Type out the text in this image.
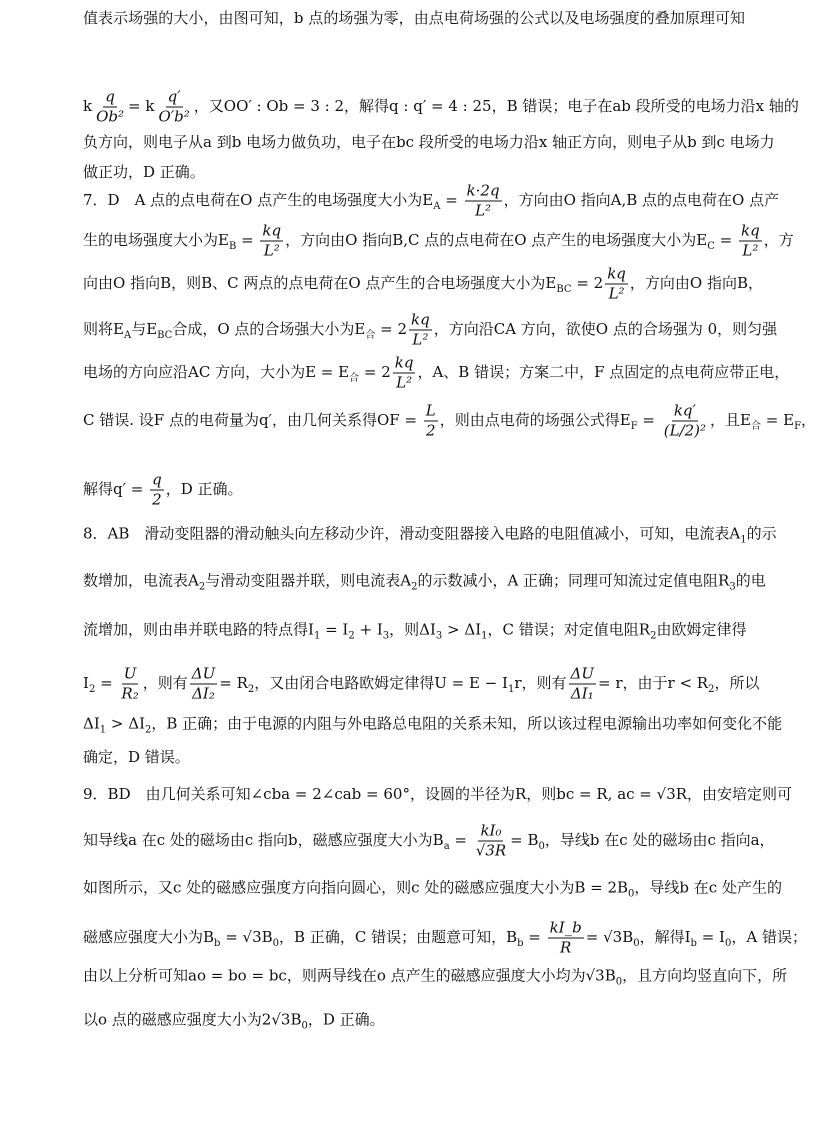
值表示场强的大小，由图可知，b 点的场强为零，由点电荷场强的公式以及电场强度的叠加原理可知
k $\frac{q}{\text{Ob²}} = k \frac{q'}{\text{O′b²}}$ ，又OO′ : Ob = 3 : 2，解得q : q′ = 4 : 25，B 错误；电子在ab 段所受的电场力沿x 轴的
负方向，则电子从a 到b 电场力做负功，电子在bc 段所受的电场力沿x 轴正方向，则电子从b 到c 电场力
做正功，D 正确。
7．D　A 点的点电荷在O 点产生的电场强度大小为$E_A = \frac{k\cdot 2q}{\text{L²}}$ ，方向由O 指向A,B 点的点电荷在O 点产
生的电场强度大小为$E_B = \frac{kq}{\text{L²}}$ ，方向由O 指向B,C 点的点电荷在O 点产生的电场强度大小为$E_C = \frac{kq}{\text{L²}}$ ，方
向由O 指向B，则B、C 两点的点电荷在O 点产生的合电场强度大小为$E_{BC} = 2 \frac{kq}{\text{L²}}$ ，方向由O 指向B，
则将$E_A$与$E_{BC}$合成，O 点的合场强大小为$E_合 = 2 \frac{kq}{\text{L²}}$ ，方向沿CA 方向，欲使O 点的合场强为 0，则匀强
电场的方向应沿AC 方向，大小为$E = E_合 = 2 \frac{kq}{\text{L²}}$ ，A、B 错误；方案二中，F 点固定的点电荷应带正电，
C 错误. 设F 点的电荷量为q′，由几何关系得OF = $\frac{L}{2}$ ，则由点电荷的场强公式得$E_F = \frac{kq'}{\text{(L/2)²}}$ ，且$E_合 = E_F$，
解得$q' = \frac{q}{2}$ ，D 正确。
8．AB　滑动变阻器的滑动触头向左移动少许，滑动变阻器接入电路的电阻值减小，可知，电流表$A_1$的示
数增加，电流表$A_2$与滑动变阻器并联，则电流表$A_2$的示数减小，A 正确；同理可知流过定值电阻$R_3$的电
流增加，则由串并联电路的特点得$I_1 = I_2 + I_3$，则$\Delta I_3 > \Delta I_1$，C 错误；对定值电阻$R_2$由欧姆定律得
$I_2 = \frac{U}{\text{R₂}}$ ，则有 $\frac{\Delta U}{\text{ΔI₂}} = R_2$，又由闭合电路欧姆定律得$U = E - I_1r$，则有 $\frac{\Delta U}{\text{ΔI₁}} = r$，由于$r < R_2$，所以
$\Delta I_1 > \Delta I_2$，B 正确；由于电源的内阻与外电路总电阻的关系未知，所以该过程电源输出功率如何变化不能
确定，D 错误。
9．BD　由几何关系可知∠cba = 2∠cab = 60°，设圆的半径为R，则bc = R, ac = √3R，由安培定则可
知导线a 在c 处的磁场由c 指向b，磁感应强度大小为$B_a = \frac{\text{kI₀}}{√3R} = B_0$，导线b 在c 处的磁场由c 指向a，
如图所示，又c 处的磁感应强度方向指向圆心，则c 处的磁感应强度大小为$B = 2B_0$，导线b 在c 处产生的
磁感应强度大小为$B_b = √3B_0$，B 正确，C 错误；由题意可知，$B_b = \frac{kI\_b}{R} = √3B_0$，解得$I_b = I_0$，A 错误；
由以上分析可知ao = bo = bc，则两导线在o 点产生的磁感应强度大小均为$√3B_0$，且方向均竖直向下，所
以o 点的磁感应强度大小为$2√3B_0$，D 正确。
